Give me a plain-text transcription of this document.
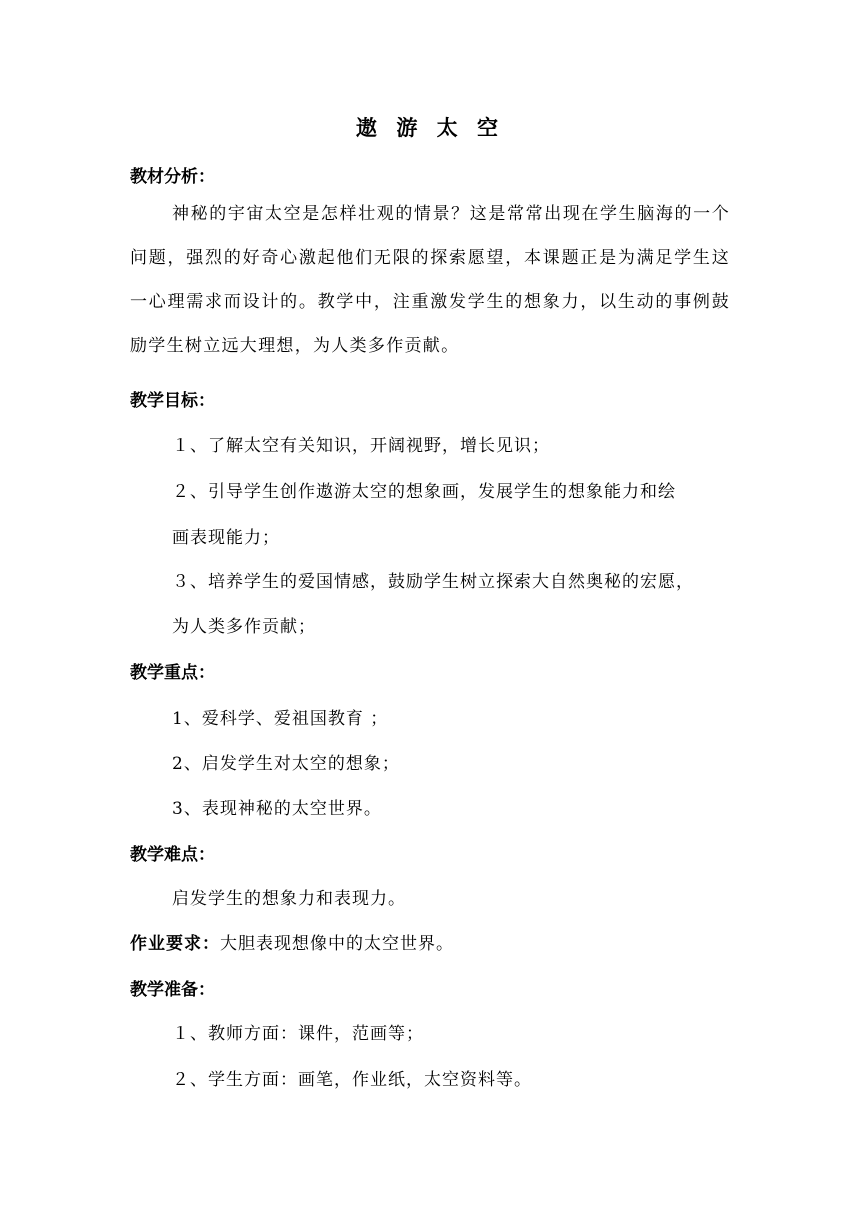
遨 游 太 空
教材分析：
神秘的宇宙太空是怎样壮观的情景？这是常常出现在学生脑海的一个问题，强烈的好奇心激起他们无限的探索愿望，本课题正是为满足学生这一心理需求而设计的。教学中，注重激发学生的想象力，以生动的事例鼓励学生树立远大理想，为人类多作贡献。
教学目标：
１、了解太空有关知识，开阔视野，增长见识；
２、引导学生创作遨游太空的想象画，发展学生的想象能力和绘
画表现能力；
３、培养学生的爱国情感，鼓励学生树立探索大自然奥秘的宏愿，
为人类多作贡献；
教学重点：
1、爱科学、爱祖国教育 ；
2、启发学生对太空的想象；
3、表现神秘的太空世界。
教学难点：
启发学生的想象力和表现力。
作业要求：大胆表现想像中的太空世界。
教学准备：
１、教师方面：课件，范画等；
２、学生方面：画笔，作业纸，太空资料等。
